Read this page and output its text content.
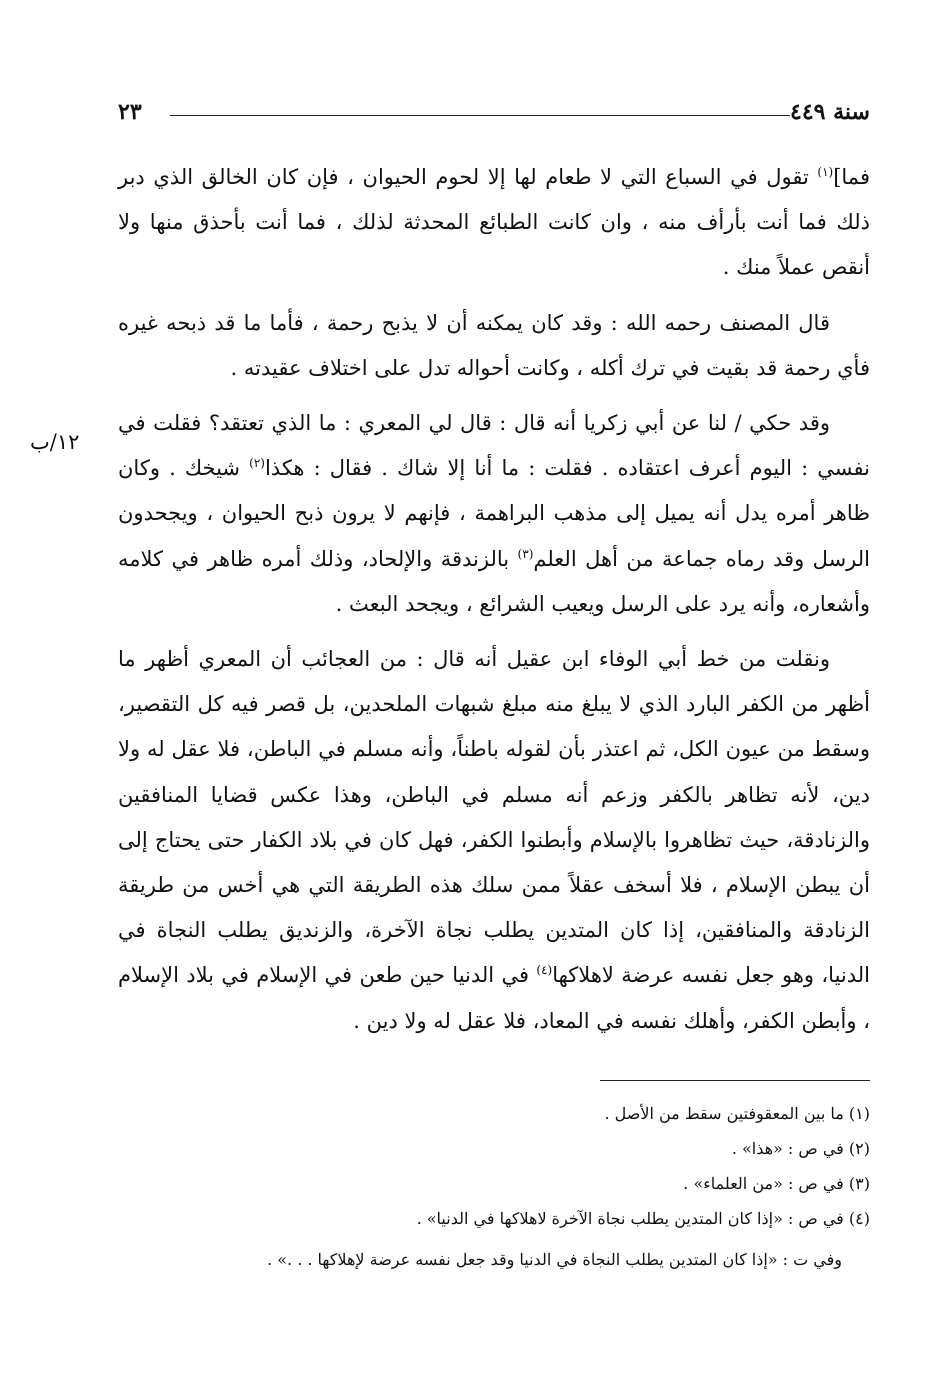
سنة ٤٤٩
٢٣

فما]$^{(١)}$ تقول في السباع التي لا طعام لها إلا لحوم الحيوان ، فإن كان الخالق الذي دبر ذلك فما أنت بأرأف منه ، وان كانت الطبائع المحدثة لذلك ، فما أنت بأحذق منها ولا أنقص عملاً منك .

قال المصنف رحمه الله : وقد كان يمكنه أن لا يذبح رحمة ، فأما ما قد ذبحه غيره فأي رحمة قد بقيت في ترك أكله ، وكانت أحواله تدل على اختلاف عقيدته .

وقد حكي / لنا عن أبي زكريا أنه قال : قال لي المعري : ما الذي تعتقد؟ فقلت في نفسي : اليوم أعرف اعتقاده . فقلت : ما أنا إلا شاك . فقال : هكذا$^{(٢)}$ شيخك . وكان ظاهر أمره يدل أنه يميل إلى مذهب البراهمة ، فإنهم لا يرون ذبح الحيوان ، ويجحدون الرسل وقد رماه جماعة من أهل العلم$^{(٣)}$ بالزندقة والإلحاد، وذلك أمره ظاهر في كلامه وأشعاره، وأنه يرد على الرسل ويعيب الشرائع ، ويجحد البعث .

ونقلت من خط أبي الوفاء ابن عقيل أنه قال : من العجائب أن المعري أظهر ما أظهر من الكفر البارد الذي لا يبلغ منه مبلغ شبهات الملحدين، بل قصر فيه كل التقصير، وسقط من عيون الكل، ثم اعتذر بأن لقوله باطناً، وأنه مسلم في الباطن، فلا عقل له ولا دين، لأنه تظاهر بالكفر وزعم أنه مسلم في الباطن، وهذا عكس قضايا المنافقين والزنادقة، حيث تظاهروا بالإسلام وأبطنوا الكفر، فهل كان في بلاد الكفار حتى يحتاج إلى أن يبطن الإسلام ، فلا أسخف عقلاً ممن سلك هذه الطريقة التي هي أخس من طريقة الزنادقة والمنافقين، إذا كان المتدين يطلب نجاة الآخرة، والزنديق يطلب النجاة في الدنيا، وهو جعل نفسه عرضة لاهلاكها$^{(٤)}$ في الدنيا حين طعن في الإسلام في بلاد الإسلام ، وأبطن الكفر، وأهلك نفسه في المعاد، فلا عقل له ولا دين .

١٢/ب
(١) ما بين المعقوفتين سقط من الأصل .
(٢) في ص : «هذا» .
(٣) في ص : «من العلماء» .
(٤) في ص : «إذا كان المتدين يطلب نجاة الآخرة لاهلاكها في الدنيا» .
وفي ت : «إذا كان المتدين يطلب النجاة في الدنيا وقد جعل نفسه عرضة لإهلاكها . . .» .
